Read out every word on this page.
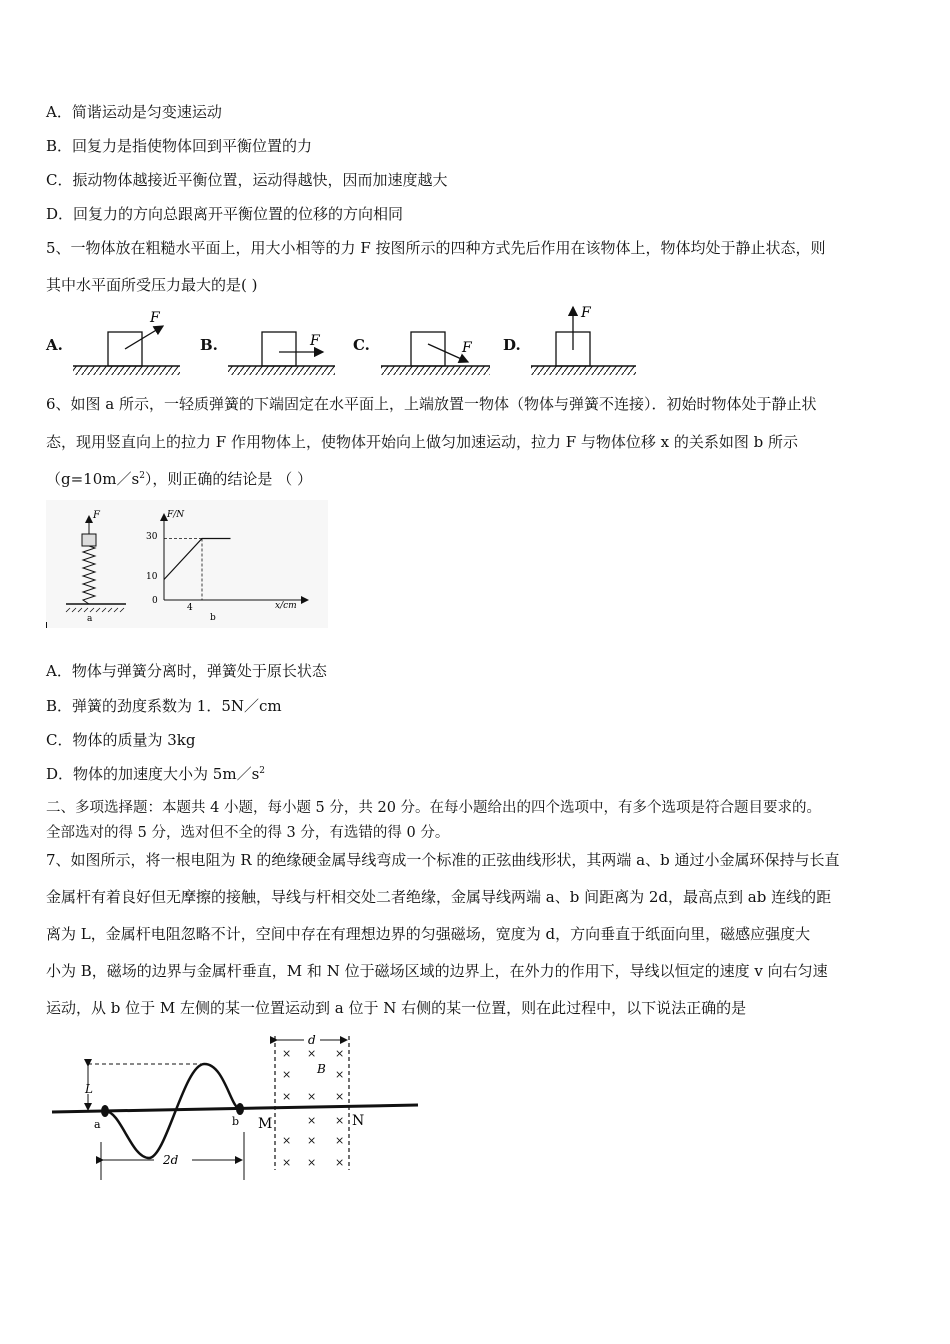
A．简谐运动是匀变速运动
B．回复力是指使物体回到平衡位置的力
C．振动物体越接近平衡位置，运动得越快，因而加速度越大
D．回复力的方向总跟离开平衡位置的位移的方向相同
5、一物体放在粗糙水平面上，用大小相等的力 F 按图所示的四种方式先后作用在该物体上，物体均处于静止状态，则
其中水平面所受压力最大的是( )
A.	B.	C.	D.
F
F	F
F
6、如图 a 所示，一轻质弹簧的下端固定在水平面上，上端放置一物体（物体与弹簧不连接）．初始时物体处于静止状
态，现用竖直向上的拉力 F 作用物体上，使物体开始向上做匀加速运动，拉力 F 与物体位移 x 的关系如图 b 所示
$(g=10m/s^2)$，则正确的结论是 （ ）
F
a
F/N
x/cm
30
10
0
4
b
A．物体与弹簧分离时，弹簧处于原长状态
B．弹簧的劲度系数为 1．5N／cm
C．物体的质量为 3kg
D．物体的加速度大小为 $5m/s^2$
二、多项选择题：本题共 4 小题，每小题 5 分，共 20 分。在每小题给出的四个选项中，有多个选项是符合题目要求的。
全部选对的得 5 分，选对但不全的得 3 分，有选错的得 0 分。
7、如图所示，将一根电阻为 R 的绝缘硬金属导线弯成一个标准的正弦曲线形状，其两端 a、b 通过小金属环保持与长直
金属杆有着良好但无摩擦的接触，导线与杆相交处二者绝缘，金属导线两端 a、b 间距离为 2d，最高点到 ab 连线的距
离为 L，金属杆电阻忽略不计，空间中存在有理想边界的匀强磁场，宽度为 d，方向垂直于纸面向里，磁感应强度大
小为 B，磁场的边界与金属杆垂直，M 和 N 位于磁场区域的边界上，在外力的作用下，导线以恒定的速度 v 向右匀速
运动，从 b 位于 M 左侧的某一位置运动到 a 位于 N 右侧的某一位置，则在此过程中，以下说法正确的是
d
× × ×
×	×
× × ×
× ×
× × ×
× × ×
B
L
a	b M	N
2d
